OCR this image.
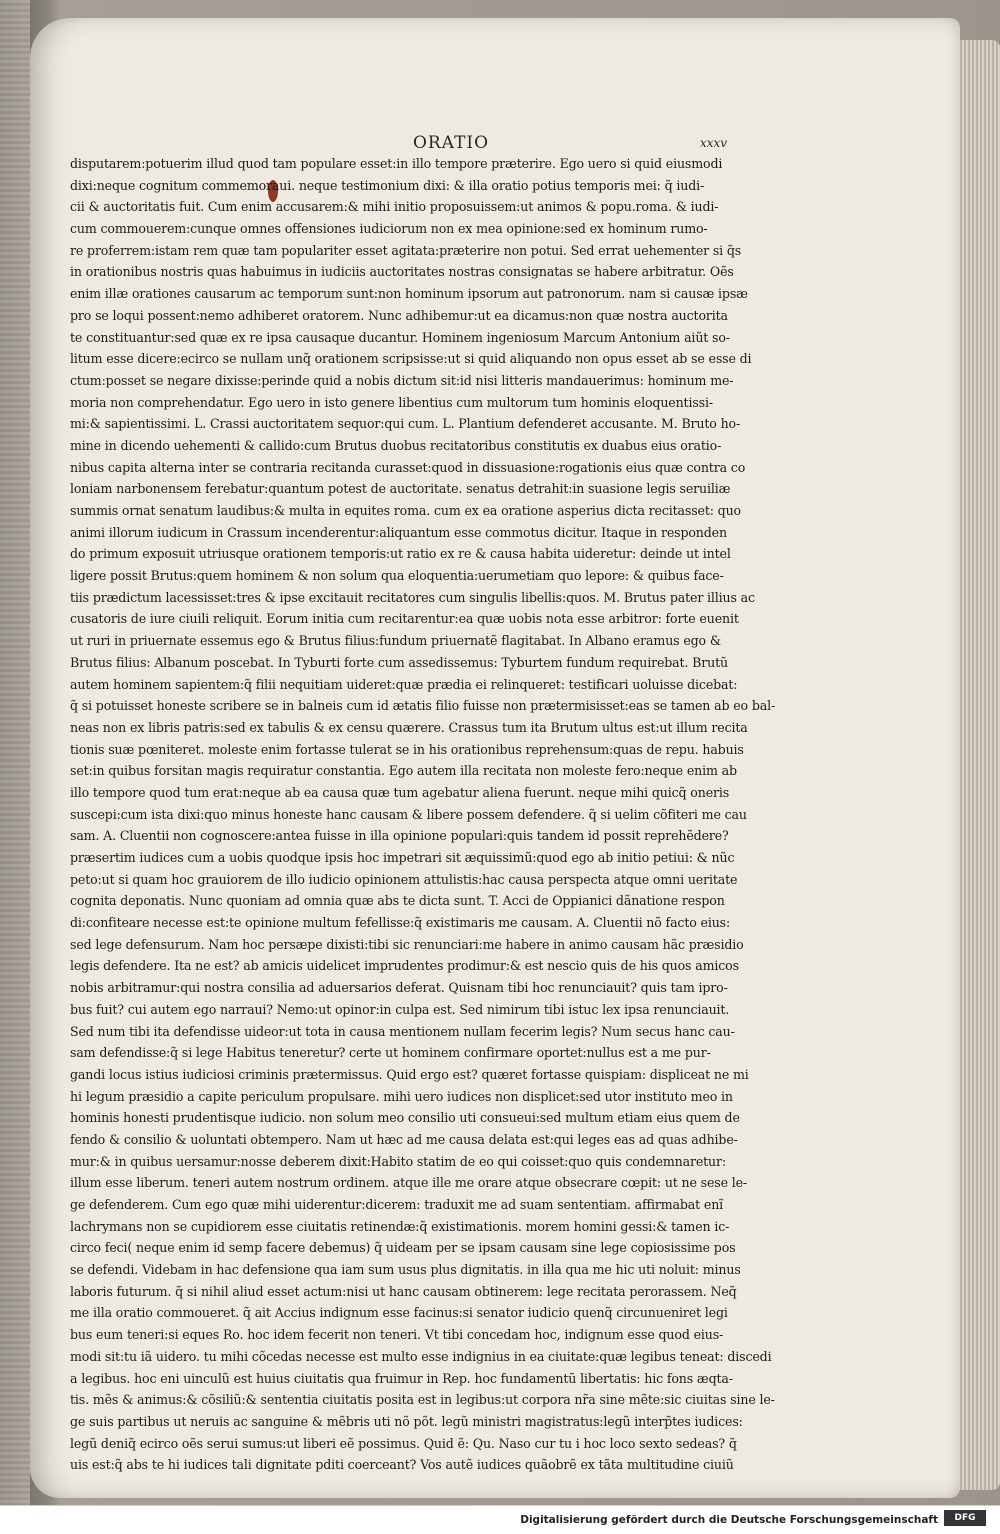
ORATIO	xxxv
disputarem:potuerim illud quod tam populare esset:in illo tempore præterire. Ego uero si quid eiusmodi
dixi:neque cognitum commemoraui. neque testimonium dixi: & illa oratio potius temporis mei: q̃ iudi-
cii & auctoritatis fuit. Cum enim accusarem:& mihi initio proposuissem:ut animos & popu.roma. & iudi-
cum commouerem:cunque omnes offensiones iudiciorum non ex mea opinione:sed ex hominum rumo-
re proferrem:istam rem quæ tam populariter esset agitata:præterire non potui. Sed errat uehementer si q̃s
in orationibus nostris quas habuimus in iudiciis auctoritates nostras consignatas se habere arbitratur. Oẽs
enim illæ orationes causarum ac temporum sunt:non hominum ipsorum aut patronorum. nam si causæ ipsæ
pro se loqui possent:nemo adhiberet oratorem. Nunc adhibemur:ut ea dicamus:non quæ nostra auctorita
te constituantur:sed quæ ex re ipsa causaque ducantur. Hominem ingeniosum Marcum Antonium aiũt so-
litum esse dicere:ecirco se nullam unq̃ orationem scripsisse:ut si quid aliquando non opus esset ab se esse di
ctum:posset se negare dixisse:perinde quid a nobis dictum sit:id nisi litteris mandauerimus: hominum me-
moria non comprehendatur. Ego uero in isto genere libentius cum multorum tum hominis eloquentissi-
mi:& sapientissimi. L. Crassi auctoritatem sequor:qui cum. L. Plantium defenderet accusante. M. Bruto ho-
mine in dicendo uehementi & callido:cum Brutus duobus recitatoribus constitutis ex duabus eius oratio-
nibus capita alterna inter se contraria recitanda curasset:quod in dissuasione:rogationis eius quæ contra co
loniam narbonensem ferebatur:quantum potest de auctoritate. senatus detrahit:in suasione legis seruiliæ
summis ornat senatum laudibus:& multa in equites roma. cum ex ea oratione asperius dicta recitasset: quo
animi illorum iudicum in Crassum incenderentur:aliquantum esse commotus dicitur. Itaque in responden
do primum exposuit utriusque orationem temporis:ut ratio ex re & causa habita uideretur: deinde ut intel
ligere possit Brutus:quem hominem & non solum qua eloquentia:uerumetiam quo lepore: & quibus face-
tiis prædictum lacessisset:tres & ipse excitauit recitatores cum singulis libellis:quos. M. Brutus pater illius ac
cusatoris de iure ciuili reliquit. Eorum initia cum recitarentur:ea quæ uobis nota esse arbitror: forte euenit
ut ruri in priuernate essemus ego & Brutus filius:fundum priuernatẽ flagitabat. In Albano eramus ego &
Brutus filius: Albanum poscebat. In Tyburti forte cum assedissemus: Tyburtem fundum requirebat. Brutũ
autem hominem sapientem:q̃ filii nequitiam uideret:quæ prædia ei relinqueret: testificari uoluisse dicebat:
q̃ si potuisset honeste scribere se in balneis cum id ætatis filio fuisse non prætermisisset:eas se tamen ab eo bal-
neas non ex libris patris:sed ex tabulis & ex censu quærere. Crassus tum ita Brutum ultus est:ut illum recita
tionis suæ pœniteret. moleste enim fortasse tulerat se in his orationibus reprehensum:quas de repu. habuis
set:in quibus forsitan magis requiratur constantia. Ego autem illa recitata non moleste fero:neque enim ab
illo tempore quod tum erat:neque ab ea causa quæ tum agebatur aliena fuerunt. neque mihi quicq̃ oneris
suscepi:cum ista dixi:quo minus honeste hanc causam & libere possem defendere. q̃ si uelim cõfiteri me cau
sam. A. Cluentii non cognoscere:antea fuisse in illa opinione populari:quis tandem id possit reprehẽdere?
præsertim iudices cum a uobis quodque ipsis hoc impetrari sit æquissimũ:quod ego ab initio petiui: & nũc
peto:ut si quam hoc grauiorem de illo iudicio opinionem attulistis:hac causa perspecta atque omni ueritate
cognita deponatis. Nunc quoniam ad omnia quæ abs te dicta sunt. T. Acci de Oppianici dãnatione respon
di:confiteare necesse est:te opinione multum fefellisse:q̃ existimaris me causam. A. Cluentii nõ facto eius:
sed lege defensurum. Nam hoc persæpe dixisti:tibi sic renunciari:me habere in animo causam hãc præsidio
legis defendere. Ita ne est? ab amicis uidelicet imprudentes prodimur:& est nescio quis de his quos amicos
nobis arbitramur:qui nostra consilia ad aduersarios deferat. Quisnam tibi hoc renunciauit? quis tam ipro-
bus fuit? cui autem ego narraui? Nemo:ut opinor:in culpa est. Sed nimirum tibi istuc lex ipsa renunciauit.
Sed num tibi ita defendisse uideor:ut tota in causa mentionem nullam fecerim legis? Num secus hanc cau-
sam defendisse:q̃ si lege Habitus teneretur? certe ut hominem confirmare oportet:nullus est a me pur-
gandi locus istius iudiciosi criminis prætermissus. Quid ergo est? quæret fortasse quispiam: displiceat ne mi
hi legum præsidio a capite periculum propulsare. mihi uero iudices non displicet:sed utor instituto meo in
hominis honesti prudentisque iudicio. non solum meo consilio uti consueui:sed multum etiam eius quem de
fendo & consilio & uoluntati obtempero. Nam ut hæc ad me causa delata est:qui leges eas ad quas adhibe-
mur:& in quibus uersamur:nosse deberem dixit:Habito statim de eo qui coisset:quo quis condemnaretur:
illum esse liberum. teneri autem nostrum ordinem. atque ille me orare atque obsecrare cœpit: ut ne sese le-
ge defenderem. Cum ego quæ mihi uiderentur:dicerem: traduxit me ad suam sententiam. affirmabat enĩ
lachrymans non se cupidiorem esse ciuitatis retinendæ:q̃ existimationis. morem homini gessi:& tamen ic-
circo feci( neque enim id semp facere debemus) q̃ uideam per se ipsam causam sine lege copiosissime pos
se defendi. Videbam in hac defensione qua iam sum usus plus dignitatis. in illa qua me hic uti noluit: minus
laboris futurum. q̃ si nihil aliud esset actum:nisi ut hanc causam obtinerem: lege recitata perorassem. Neq̃
me illa oratio commoueret. q̃ ait Accius indignum esse facinus:si senator iudicio quenq̃ circunueniret legi
bus eum teneri:si eques Ro. hoc idem fecerit non teneri. Vt tibi concedam hoc, indignum esse quod eius-
modi sit:tu iã uidero. tu mihi cõcedas necesse est multo esse indignius in ea ciuitate:quæ legibus teneat: discedi
a legibus. hoc eni uinculũ est huius ciuitatis qua fruimur in Rep. hoc fundamentũ libertatis: hic fons æqta-
tis. mẽs & animus:& cõsiliũ:& sententia ciuitatis posita est in legibus:ut corpora nr̃a sine mẽte:sic ciuitas sine le-
ge suis partibus ut neruis ac sanguine & mẽbris uti nõ põt. legũ ministri magistratus:legũ interp̃tes iudices:
legũ deniq̃ ecirco oẽs serui sumus:ut liberi eẽ possimus. Quid ẽ: Qu. Naso cur tu i hoc loco sexto sedeas? q̃
uis est:q̃ abs te hi iudices tali dignitate pditi coerceant? Vos autẽ iudices quãobrẽ ex tãta multitudine ciuiũ
Digitalisierung gefördert durch die Deutsche Forschungsgemeinschaft	DFG
